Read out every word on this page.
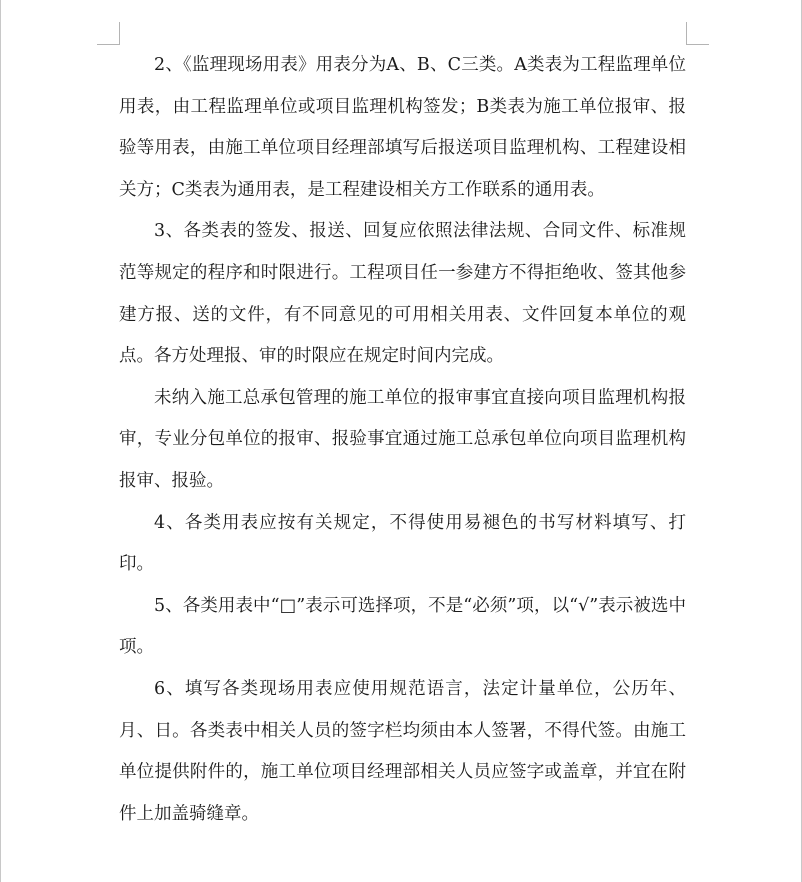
2、《监理现场用表》用表分为A、B、C三类。A类表为工程监理单位用表，由工程监理单位或项目监理机构签发；B类表为施工单位报审、报验等用表，由施工单位项目经理部填写后报送项目监理机构、工程建设相关方；C类表为通用表，是工程建设相关方工作联系的通用表。

3、各类表的签发、报送、回复应依照法律法规、合同文件、标准规范等规定的程序和时限进行。工程项目任一参建方不得拒绝收、签其他参建方报、送的文件，有不同意见的可用相关用表、文件回复本单位的观点。各方处理报、审的时限应在规定时间内完成。

未纳入施工总承包管理的施工单位的报审事宜直接向项目监理机构报审，专业分包单位的报审、报验事宜通过施工总承包单位向项目监理机构报审、报验。

4、各类用表应按有关规定，不得使用易褪色的书写材料填写、打印。

5、各类用表中“□”表示可选择项，不是“必须”项，以“√”表示被选中项。

6、填写各类现场用表应使用规范语言，法定计量单位，公历年、月、日。各类表中相关人员的签字栏均须由本人签署，不得代签。由施工单位提供附件的，施工单位项目经理部相关人员应签字或盖章，并宜在附件上加盖骑缝章。
